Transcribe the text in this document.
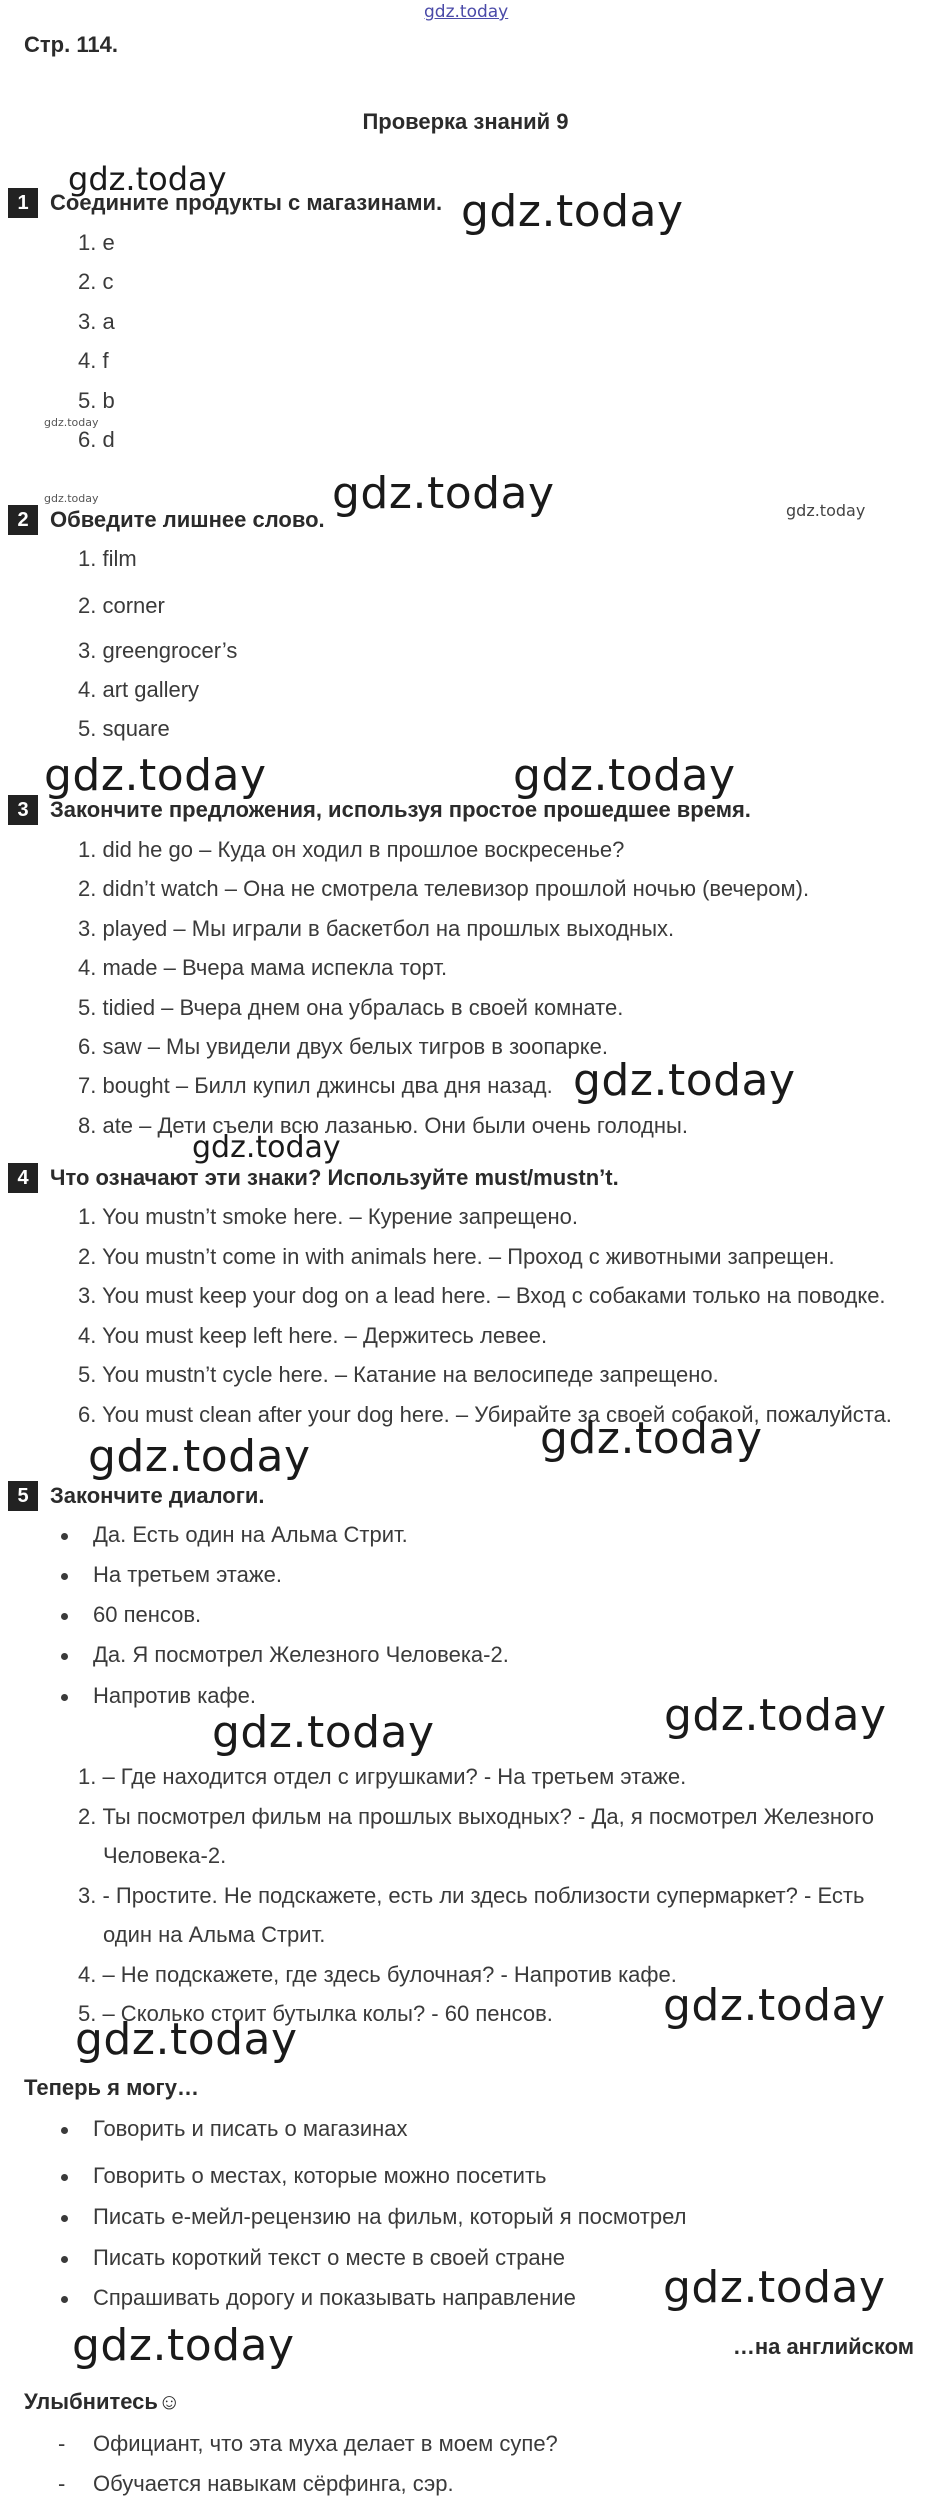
gdz.today
Стр. 114.
Проверка знаний 9
1 Соедините продукты с магазинами.
1. e
2. c
3. a
4. f
5. b
6. d
2 Обведите лишнее слово.
1. film
2. corner
3. greengrocer’s
4. art gallery
5. square
3 Закончите предложения, используя простое прошедшее время.
1. did he go – Куда он ходил в прошлое воскресенье?
2. didn’t watch – Она не смотрела телевизор прошлой ночью (вечером).
3. played – Мы играли в баскетбол на прошлых выходных.
4. made – Вчера мама испекла торт.
5. tidied – Вчера днем она убралась в своей комнате.
6. saw – Мы увидели двух белых тигров в зоопарке.
7. bought – Билл купил джинсы два дня назад.
8. ate – Дети съели всю лазанью. Они были очень голодны.
4 Что означают эти знаки? Используйте must/mustn’t.
1. You mustn’t smoke here. – Курение запрещено.
2. You mustn’t come in with animals here. – Проход с животными запрещен.
3. You must keep your dog on a lead here. – Вход с собаками только на поводке.
4. You must keep left here. – Держитесь левее.
5. You mustn’t cycle here. – Катание на велосипеде запрещено.
6. You must clean after your dog here. – Убирайте за своей собакой, пожалуйста.
5 Закончите диалоги.
Да. Есть один на Альма Стрит.
На третьем этаже.
60 пенсов.
Да. Я посмотрел Железного Человека-2.
Напротив кафе.
1. – Где находится отдел с игрушками? - На третьем этаже.
2. Ты посмотрел фильм на прошлых выходных? - Да, я посмотрел Железного
Человека-2.
3. - Простите. Не подскажете, есть ли здесь поблизости супермаркет? - Есть
один на Альма Стрит.
4. – Не подскажете, где здесь булочная? - Напротив кафе.
5. – Сколько стоит бутылка колы? - 60 пенсов.
Теперь я могу…
Говорить и писать о магазинах
Говорить о местах, которые можно посетить
Писать е-мейл-рецензию на фильм, который я посмотрел
Писать короткий текст о месте в своей стране
Спрашивать дорогу и показывать направление
…на английском
Улыбнитесь☺
- Официант, что эта муха делает в моем супе?
- Обучается навыкам сёрфинга, сэр.
gdz.today
gdz.today
gdz.today
gdz.today	gdz.today	gdz.today
gdz.today	gdz.today
gdz.today
gdz.today
gdz.today	gdz.today
gdz.today	gdz.today
gdz.today
gdz.today
gdz.today
gdz.today
